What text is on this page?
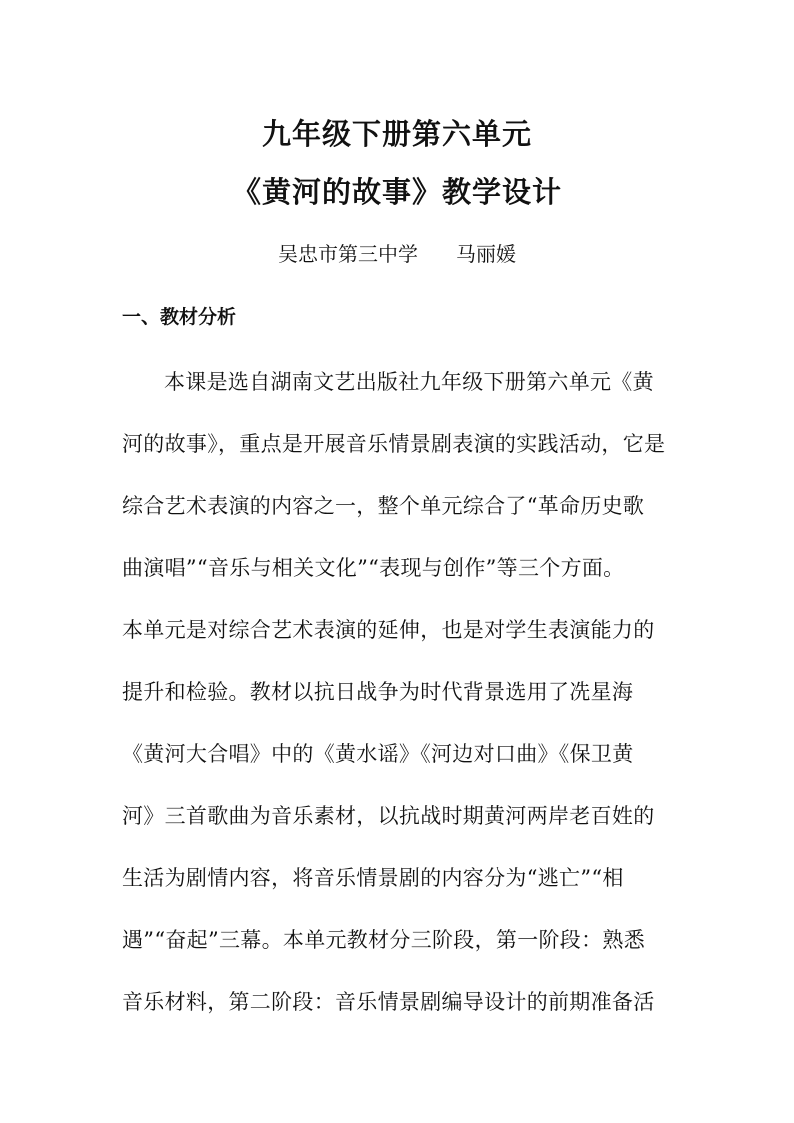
九年级下册第六单元
《黄河的故事》教学设计
吴忠市第三中学 马丽媛
一、教材分析
本课是选自湖南文艺出版社九年级下册第六单元《黄
河的故事》，重点是开展音乐情景剧表演的实践活动，它是
综合艺术表演的内容之一，整个单元综合了“革命历史歌
曲演唱”“音乐与相关文化”“表现与创作”等三个方面。
本单元是对综合艺术表演的延伸，也是对学生表演能力的
提升和检验。教材以抗日战争为时代背景选用了冼星海
《黄河大合唱》中的《黄水谣》《河边对口曲》《保卫黄
河》三首歌曲为音乐素材，以抗战时期黄河两岸老百姓的
生活为剧情内容，将音乐情景剧的内容分为“逃亡”“相
遇”“奋起”三幕。本单元教材分三阶段，第一阶段：熟悉
音乐材料，第二阶段：音乐情景剧编导设计的前期准备活
